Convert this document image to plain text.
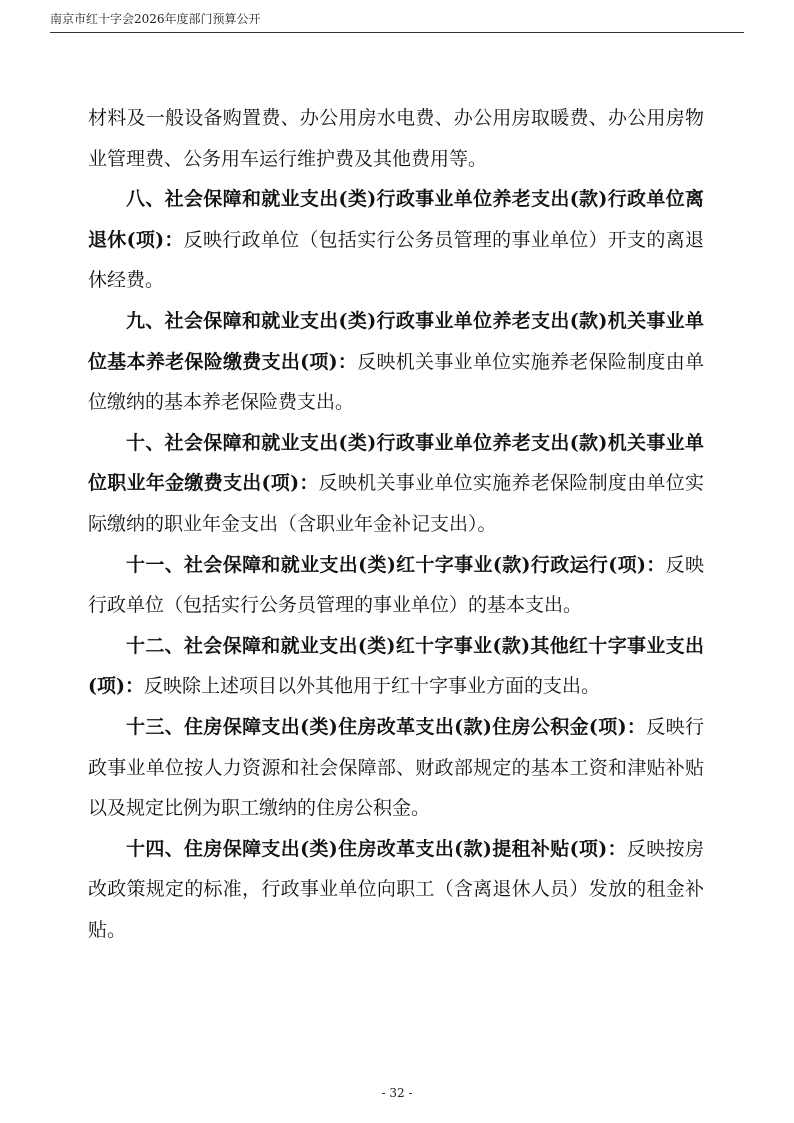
南京市红十字会2026年度部门预算公开

材料及一般设备购置费、办公用房水电费、办公用房取暖费、办公用房物业管理费、公务用车运行维护费及其他费用等。

八、社会保障和就业支出(类)行政事业单位养老支出(款)行政单位离退休(项)：反映行政单位（包括实行公务员管理的事业单位）开支的离退休经费。

九、社会保障和就业支出(类)行政事业单位养老支出(款)机关事业单位基本养老保险缴费支出(项)：反映机关事业单位实施养老保险制度由单位缴纳的基本养老保险费支出。

十、社会保障和就业支出(类)行政事业单位养老支出(款)机关事业单位职业年金缴费支出(项)：反映机关事业单位实施养老保险制度由单位实际缴纳的职业年金支出（含职业年金补记支出）。

十一、社会保障和就业支出(类)红十字事业(款)行政运行(项)：反映行政单位（包括实行公务员管理的事业单位）的基本支出。

十二、社会保障和就业支出(类)红十字事业(款)其他红十字事业支出(项)：反映除上述项目以外其他用于红十字事业方面的支出。

十三、住房保障支出(类)住房改革支出(款)住房公积金(项)：反映行政事业单位按人力资源和社会保障部、财政部规定的基本工资和津贴补贴以及规定比例为职工缴纳的住房公积金。

十四、住房保障支出(类)住房改革支出(款)提租补贴(项)：反映按房改政策规定的标准，行政事业单位向职工（含离退休人员）发放的租金补贴。

- 32 -
